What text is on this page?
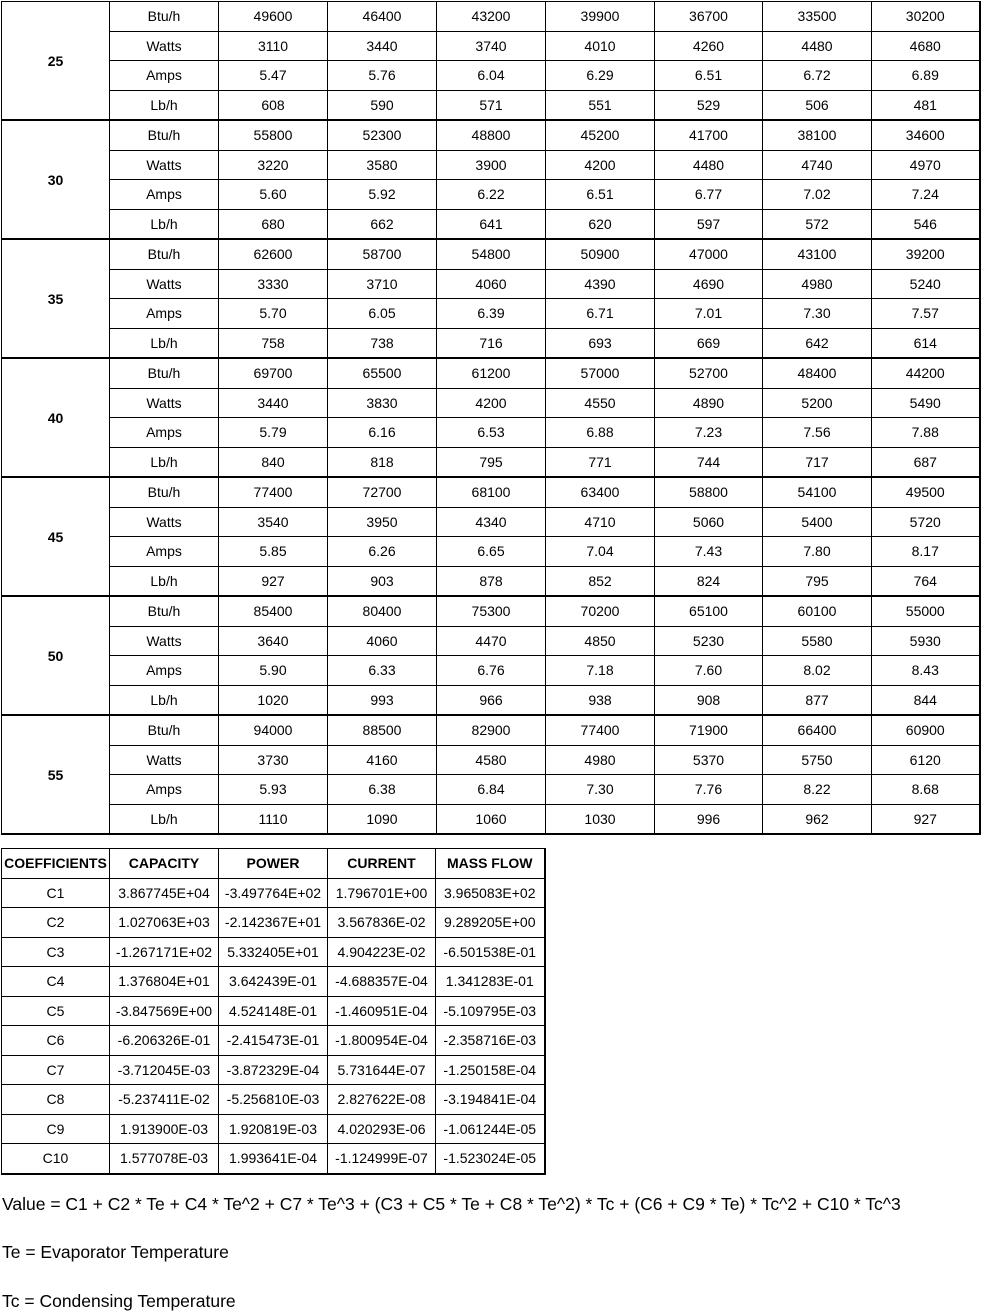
25	Btu/h	49600	46400	43200	39900	36700	33500	30200
	Watts	3110	3440	3740	4010	4260	4480	4680
	Amps	5.47	5.76	6.04	6.29	6.51	6.72	6.89
	Lb/h	608	590	571	551	529	506	481
30	Btu/h	55800	52300	48800	45200	41700	38100	34600
	Watts	3220	3580	3900	4200	4480	4740	4970
	Amps	5.60	5.92	6.22	6.51	6.77	7.02	7.24
	Lb/h	680	662	641	620	597	572	546
35	Btu/h	62600	58700	54800	50900	47000	43100	39200
	Watts	3330	3710	4060	4390	4690	4980	5240
	Amps	5.70	6.05	6.39	6.71	7.01	7.30	7.57
	Lb/h	758	738	716	693	669	642	614
40	Btu/h	69700	65500	61200	57000	52700	48400	44200
	Watts	3440	3830	4200	4550	4890	5200	5490
	Amps	5.79	6.16	6.53	6.88	7.23	7.56	7.88
	Lb/h	840	818	795	771	744	717	687
45	Btu/h	77400	72700	68100	63400	58800	54100	49500
	Watts	3540	3950	4340	4710	5060	5400	5720
	Amps	5.85	6.26	6.65	7.04	7.43	7.80	8.17
	Lb/h	927	903	878	852	824	795	764
50	Btu/h	85400	80400	75300	70200	65100	60100	55000
	Watts	3640	4060	4470	4850	5230	5580	5930
	Amps	5.90	6.33	6.76	7.18	7.60	8.02	8.43
	Lb/h	1020	993	966	938	908	877	844
55	Btu/h	94000	88500	82900	77400	71900	66400	60900
	Watts	3730	4160	4580	4980	5370	5750	6120
	Amps	5.93	6.38	6.84	7.30	7.76	8.22	8.68
	Lb/h	1110	1090	1060	1030	996	962	927
COEFFICIENTS	CAPACITY	POWER	CURRENT	MASS FLOW
C1	3.867745E+04	-3.497764E+02	1.796701E+00	3.965083E+02
C2	1.027063E+03	-2.142367E+01	3.567836E-02	9.289205E+00
C3	-1.267171E+02	5.332405E+01	4.904223E-02	-6.501538E-01
C4	1.376804E+01	3.642439E-01	-4.688357E-04	1.341283E-01
C5	-3.847569E+00	4.524148E-01	-1.460951E-04	-5.109795E-03
C6	-6.206326E-01	-2.415473E-01	-1.800954E-04	-2.358716E-03
C7	-3.712045E-03	-3.872329E-04	5.731644E-07	-1.250158E-04
C8	-5.237411E-02	-5.256810E-03	2.827622E-08	-3.194841E-04
C9	1.913900E-03	1.920819E-03	4.020293E-06	-1.061244E-05
C10	1.577078E-03	1.993641E-04	-1.124999E-07	-1.523024E-05
Value = C1 + C2 * Te + C4 * Te^2 + C7 * Te^3 + (C3 + C5 * Te + C8 * Te^2) * Tc + (C6 + C9 * Te) * Tc^2 + C10 * Tc^3
Te = Evaporator Temperature
Tc = Condensing Temperature
